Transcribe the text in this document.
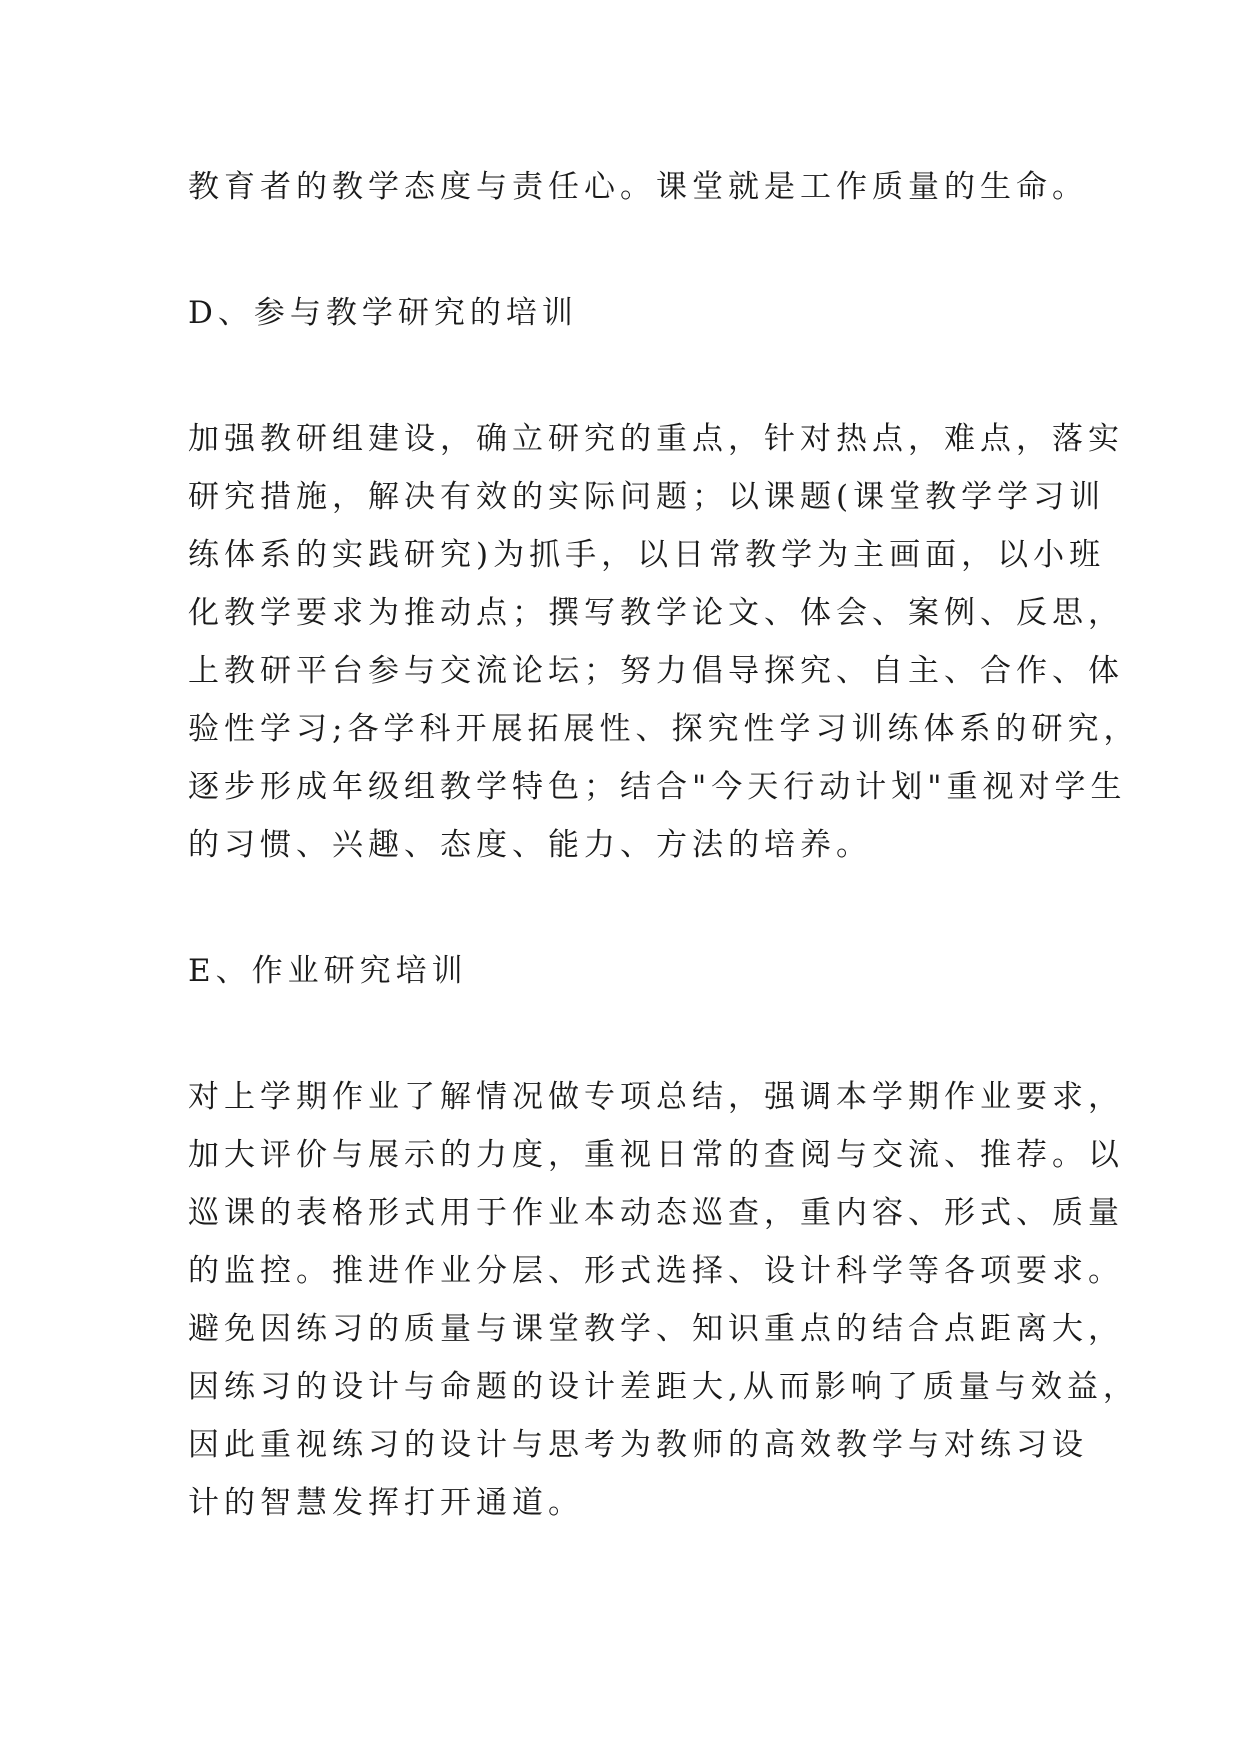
教育者的教学态度与责任心。课堂就是工作质量的生命。

D、参与教学研究的培训

加强教研组建设，确立研究的重点，针对热点，难点，落实

研究措施，解决有效的实际问题；以课题(课堂教学学习训

练体系的实践研究)为抓手，以日常教学为主画面，以小班

化教学要求为推动点；撰写教学论文、体会、案例、反思，

上教研平台参与交流论坛；努力倡导探究、自主、合作、体

验性学习;各学科开展拓展性、探究性学习训练体系的研究，

逐步形成年级组教学特色；结合"今天行动计划"重视对学生

的习惯、兴趣、态度、能力、方法的培养。

E、作业研究培训

对上学期作业了解情况做专项总结，强调本学期作业要求，

加大评价与展示的力度，重视日常的查阅与交流、推荐。以

巡课的表格形式用于作业本动态巡查，重内容、形式、质量

的监控。推进作业分层、形式选择、设计科学等各项要求。

避免因练习的质量与课堂教学、知识重点的结合点距离大，

因练习的设计与命题的设计差距大,从而影响了质量与效益，

因此重视练习的设计与思考为教师的高效教学与对练习设

计的智慧发挥打开通道。
